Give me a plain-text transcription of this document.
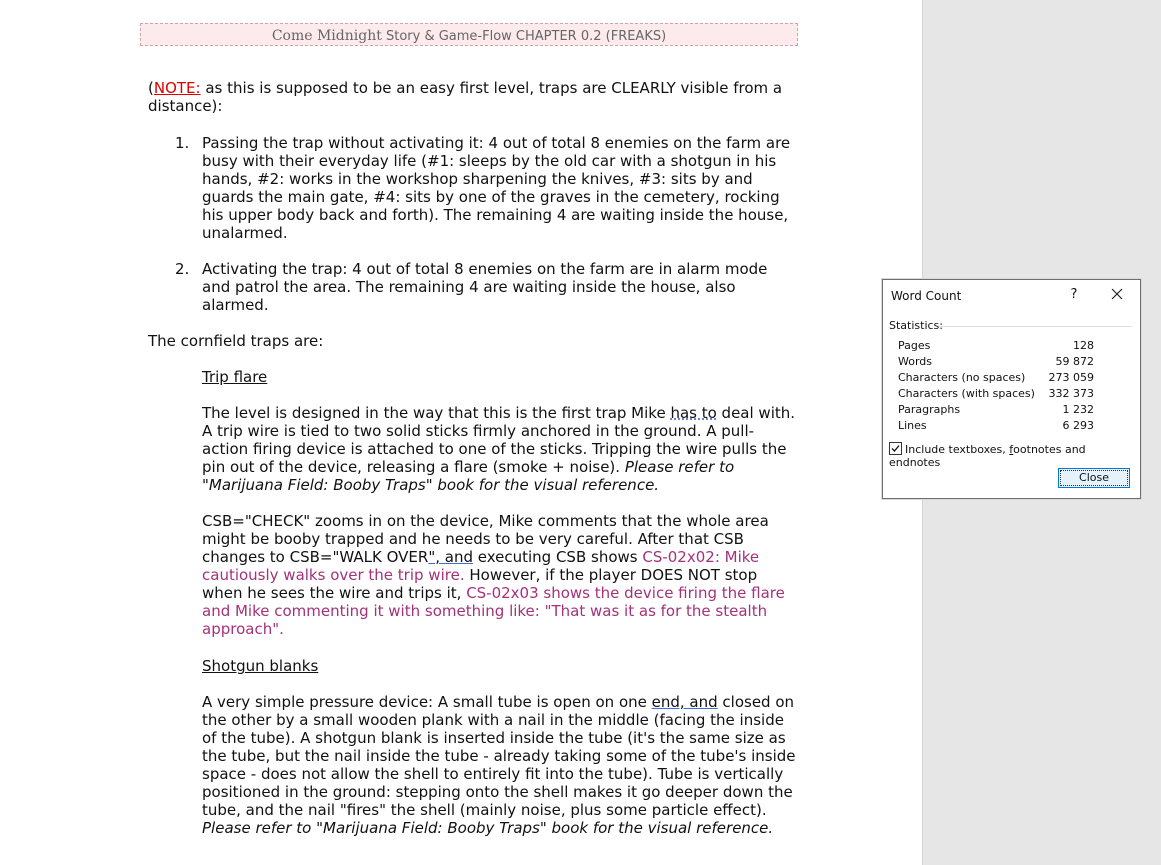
Come Midnight Story & Game-Flow CHAPTER 0.2 (FREAKS)
(NOTE: as this is supposed to be an easy first level, traps are CLEARLY visible from a distance):
1. Passing the trap without activating it: 4 out of total 8 enemies on the farm are busy with their everyday life (#1: sleeps by the old car with a shotgun in his hands, #2: works in the workshop sharpening the knives, #3: sits by and guards the main gate, #4: sits by one of the graves in the cemetery, rocking his upper body back and forth). The remaining 4 are waiting inside the house, unalarmed.
2. Activating the trap: 4 out of total 8 enemies on the farm are in alarm mode and patrol the area. The remaining 4 are waiting inside the house, also alarmed.
The cornfield traps are:
Trip flare
The level is designed in the way that this is the first trap Mike has to deal with. A trip wire is tied to two solid sticks firmly anchored in the ground. A pull-action firing device is attached to one of the sticks. Tripping the wire pulls the pin out of the device, releasing a flare (smoke + noise). Please refer to "Marijuana Field: Booby Traps" book for the visual reference.
CSB="CHECK" zooms in on the device, Mike comments that the whole area might be booby trapped and he needs to be very careful. After that CSB changes to CSB="WALK OVER", and executing CSB shows CS-02x02: Mike cautiously walks over the trip wire. However, if the player DOES NOT stop when he sees the wire and trips it, CS-02x03 shows the device firing the flare and Mike commenting it with something like: "That was it as for the stealth approach".
Shotgun blanks
A very simple pressure device: A small tube is open on one end, and closed on the other by a small wooden plank with a nail in the middle (facing the inside of the tube). A shotgun blank is inserted inside the tube (it's the same size as the tube, but the nail inside the tube - already taking some of the tube's inside space - does not allow the shell to entirely fit into the tube). Tube is vertically positioned in the ground: stepping onto the shell makes it go deeper down the tube, and the nail "fires" the shell (mainly noise, plus some particle effect). Please refer to "Marijuana Field: Booby Traps" book for the visual reference.
Word Count	?
Statistics:
Pages	128
Words	59 872
Characters (no spaces) 273 059
Characters (with spaces) 332 373
Paragraphs	1 232
Lines	6 293
Include textboxes, footnotes and endnotes
Close
